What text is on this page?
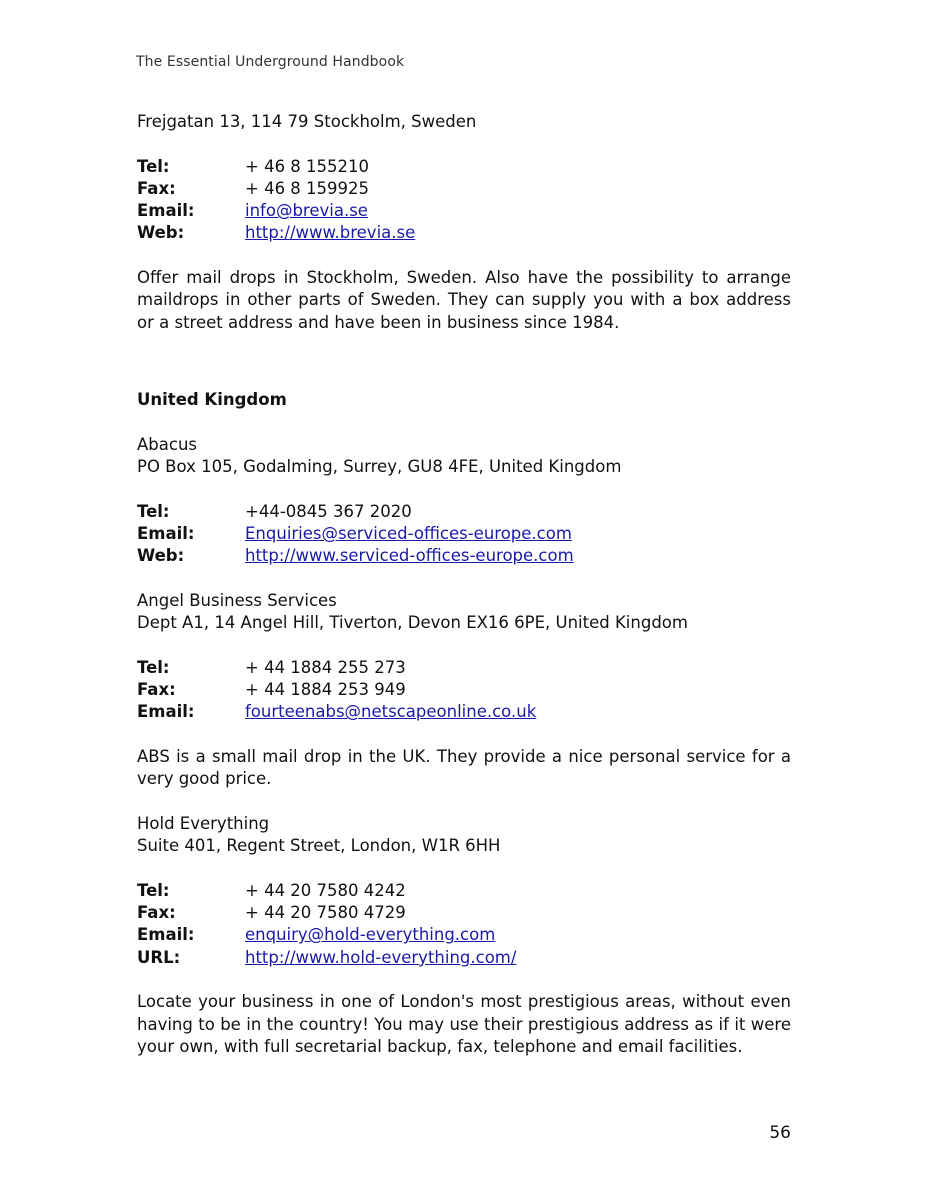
The Essential Underground Handbook
Frejgatan 13, 114 79 Stockholm, Sweden
Tel:	+ 46 8 155210
Fax:	+ 46 8 159925
Email:	info@brevia.se
Web:	http://www.brevia.se
Offer mail drops in Stockholm, Sweden. Also have the possibility to arrange maildrops in other parts of Sweden. They can supply you with a box address or a street address and have been in business since 1984.
United Kingdom
Abacus
PO Box 105, Godalming, Surrey, GU8 4FE, United Kingdom
Tel:	+44-0845 367 2020
Email:	Enquiries@serviced-offices-europe.com
Web:	http://www.serviced-offices-europe.com
Angel Business Services
Dept A1, 14 Angel Hill, Tiverton, Devon EX16 6PE, United Kingdom
Tel:	+ 44 1884 255 273
Fax:	+ 44 1884 253 949
Email:	fourteenabs@netscapeonline.co.uk
ABS is a small mail drop in the UK. They provide a nice personal service for a very good price.
Hold Everything
Suite 401, Regent Street, London, W1R 6HH
Tel:	+ 44 20 7580 4242
Fax:	+ 44 20 7580 4729
Email:	enquiry@hold-everything.com
URL:	http://www.hold-everything.com/
Locate your business in one of London's most prestigious areas, without even having to be in the country! You may use their prestigious address as if it were your own, with full secretarial backup, fax, telephone and email facilities.
56
